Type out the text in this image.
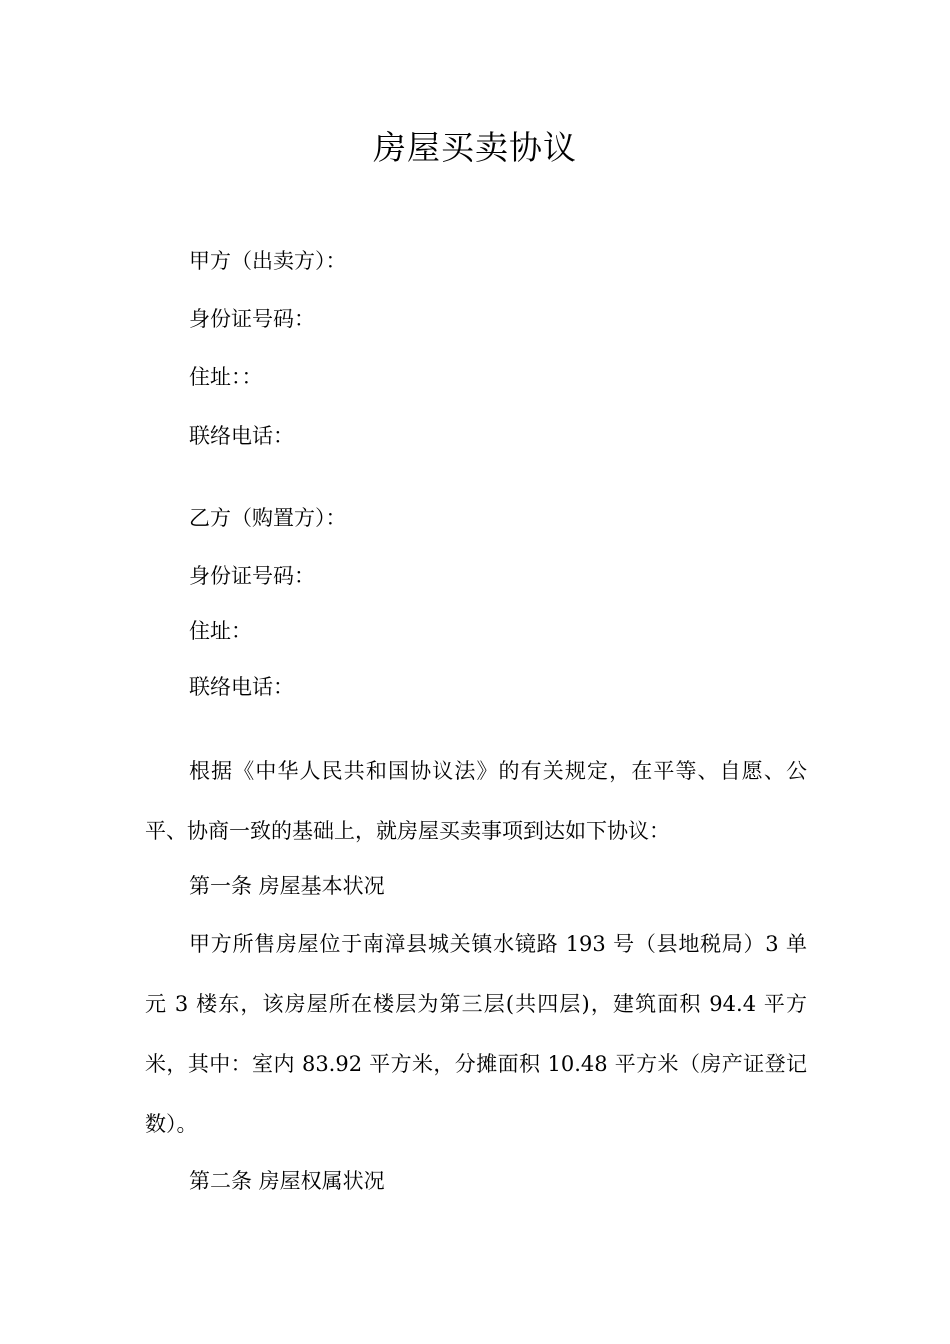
房屋买卖协议
甲方（出卖方）：
身份证号码：
住址：：
联络电话：
乙方（购置方）：
身份证号码：
住址：
联络电话：
根据《中华人民共和国协议法》的有关规定，在平等、自愿、公平、协商一致的基础上，就房屋买卖事项到达如下协议：
第一条 房屋基本状况
甲方所售房屋位于南漳县城关镇水镜路 193 号（县地税局）3 单元 3 楼东，该房屋所在楼层为第三层(共四层)，建筑面积 94.4 平方米，其中：室内 83.92 平方米，分摊面积 10.48 平方米（房产证登记数）。
第二条 房屋权属状况
